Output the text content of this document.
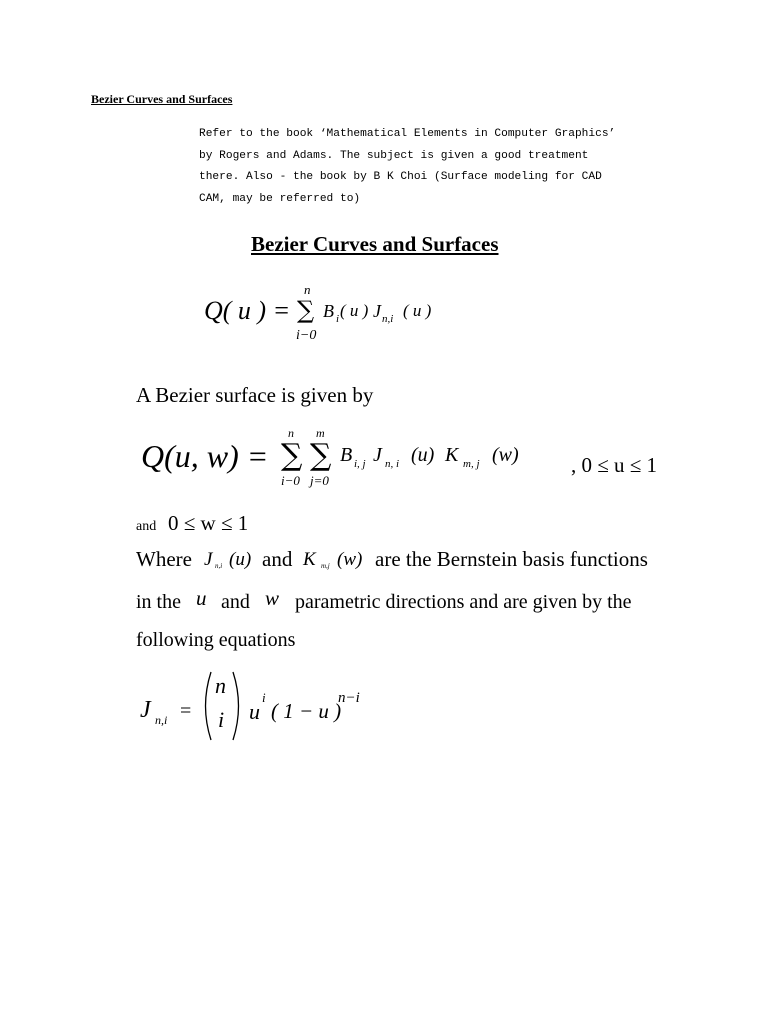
Bezier Curves and Surfaces
Refer to the book ‘Mathematical Elements in Computer Graphics’
by Rogers and Adams. The subject is given a good treatment
there. Also - the book by B K Choi (Surface modeling for CAD
CAM, may be referred to)
Bezier Curves and Surfaces
Q( u ) = ∑
n
i−0
B i ( u ) J n,i ( u )
A Bezier surface is given by
Q(u, w) = ∑ ∑
n m
i−0 j=0
B i, j J n, i (u) K m, j (w) , 0 ≤ u ≤ 1
and 0 ≤ w ≤ 1
Where J n,i (u) and K m,j (w) are the Bernstein basis functions
in the u and w parametric directions and are given by the
following equations
J n,i =
n
i u
i
( 1 − u )
n−i
